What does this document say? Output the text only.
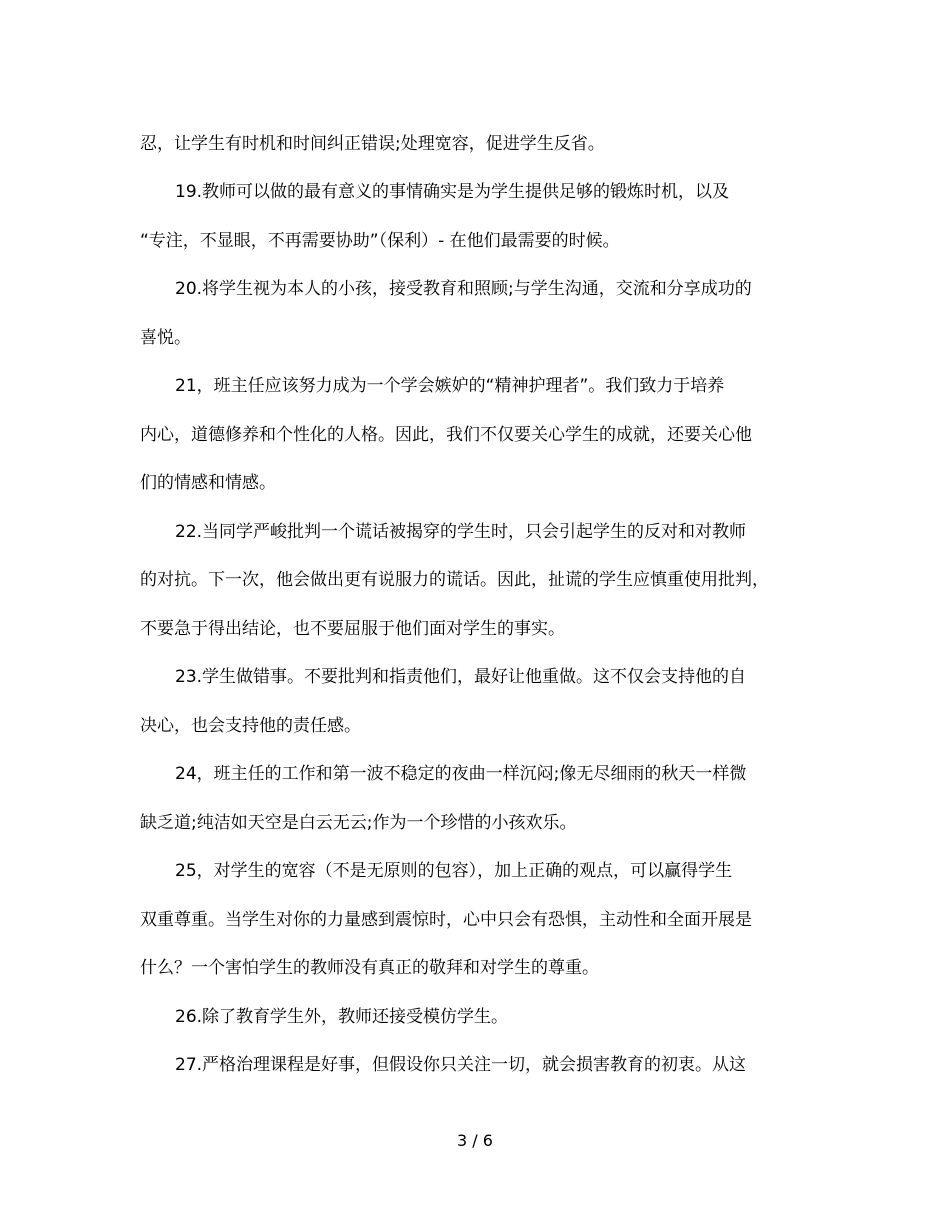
忍，让学生有时机和时间纠正错误;处理宽容，促进学生反省。
19.教师可以做的最有意义的事情确实是为学生提供足够的锻炼时机，以及
“专注，不显眼，不再需要协助”（保利）- 在他们最需要的时候。
20.将学生视为本人的小孩，接受教育和照顾;与学生沟通，交流和分享成功的
喜悦。
21，班主任应该努力成为一个学会嫉妒的“精神护理者”。我们致力于培养
内心，道德修养和个性化的人格。因此，我们不仅要关心学生的成就，还要关心他
们的情感和情感。
22.当同学严峻批判一个谎话被揭穿的学生时，只会引起学生的反对和对教师
的对抗。下一次，他会做出更有说服力的谎话。因此，扯谎的学生应慎重使用批判，
不要急于得出结论，也不要屈服于他们面对学生的事实。
23.学生做错事。不要批判和指责他们，最好让他重做。这不仅会支持他的自
决心，也会支持他的责任感。
24，班主任的工作和第一波不稳定的夜曲一样沉闷;像无尽细雨的秋天一样微
缺乏道;纯洁如天空是白云无云;作为一个珍惜的小孩欢乐。
25，对学生的宽容（不是无原则的包容），加上正确的观点，可以赢得学生
双重尊重。当学生对你的力量感到震惊时，心中只会有恐惧，主动性和全面开展是
什么？一个害怕学生的教师没有真正的敬拜和对学生的尊重。
26.除了教育学生外，教师还接受模仿学生。
27.严格治理课程是好事，但假设你只关注一切，就会损害教育的初衷。从这
3 / 6
